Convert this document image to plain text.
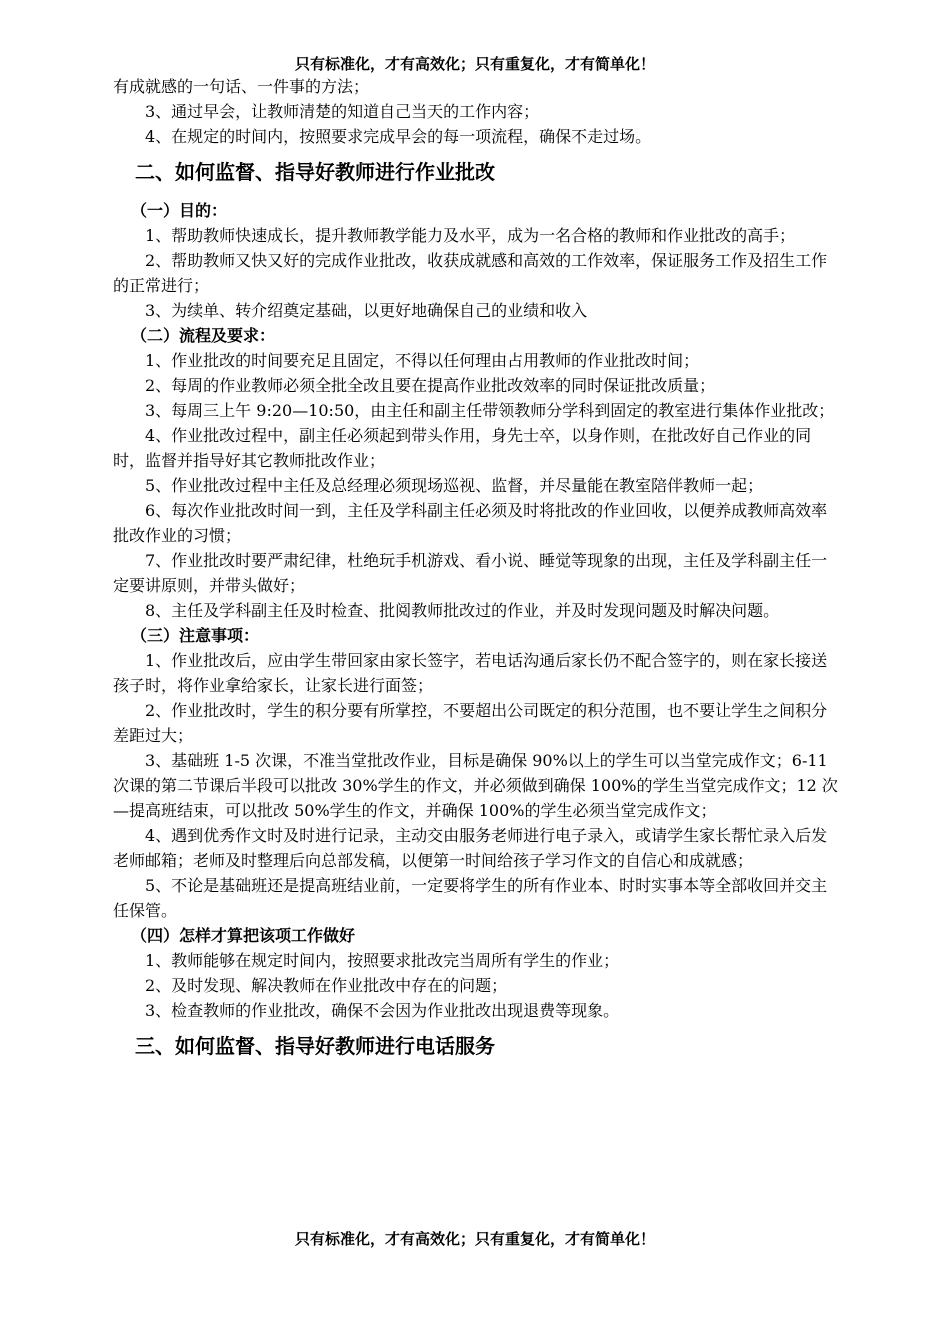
只有标准化，才有高效化；只有重复化，才有简单化！

有成就感的一句话、一件事的方法；

3、通过早会，让教师清楚的知道自己当天的工作内容；

4、在规定的时间内，按照要求完成早会的每一项流程，确保不走过场。

二、如何监督、指导好教师进行作业批改
（一）目的：

1、帮助教师快速成长，提升教师教学能力及水平，成为一名合格的教师和作业批改的高手；

2、帮助教师又快又好的完成作业批改，收获成就感和高效的工作效率，保证服务工作及招生工作的正常进行；

3、为续单、转介绍奠定基础，以更好地确保自己的业绩和收入

（二）流程及要求：

1、作业批改的时间要充足且固定，不得以任何理由占用教师的作业批改时间；

2、每周的作业教师必须全批全改且要在提高作业批改效率的同时保证批改质量；

3、每周三上午 9:20—10:50，由主任和副主任带领教师分学科到固定的教室进行集体作业批改；

4、作业批改过程中，副主任必须起到带头作用，身先士卒，以身作则，在批改好自己作业的同时，监督并指导好其它教师批改作业；

5、作业批改过程中主任及总经理必须现场巡视、监督，并尽量能在教室陪伴教师一起；

6、每次作业批改时间一到，主任及学科副主任必须及时将批改的作业回收，以便养成教师高效率批改作业的习惯；

7、作业批改时要严肃纪律，杜绝玩手机游戏、看小说、睡觉等现象的出现，主任及学科副主任一定要讲原则，并带头做好；

8、主任及学科副主任及时检查、批阅教师批改过的作业，并及时发现问题及时解决问题。

（三）注意事项：

1、作业批改后，应由学生带回家由家长签字，若电话沟通后家长仍不配合签字的，则在家长接送孩子时，将作业拿给家长，让家长进行面签；

2、作业批改时，学生的积分要有所掌控，不要超出公司既定的积分范围，也不要让学生之间积分差距过大；

3、基础班 1-5 次课，不准当堂批改作业，目标是确保 90%以上的学生可以当堂完成作文；6-11 次课的第二节课后半段可以批改 30%学生的作文，并必须做到确保 100%的学生当堂完成作文；12 次—提高班结束，可以批改 50%学生的作文，并确保 100%的学生必须当堂完成作文；

4、遇到优秀作文时及时进行记录，主动交由服务老师进行电子录入，或请学生家长帮忙录入后发老师邮箱；老师及时整理后向总部发稿，以便第一时间给孩子学习作文的自信心和成就感；

5、不论是基础班还是提高班结业前，一定要将学生的所有作业本、时时实事本等全部收回并交主任保管。

（四）怎样才算把该项工作做好

1、教师能够在规定时间内，按照要求批改完当周所有学生的作业；

2、及时发现、解决教师在作业批改中存在的问题；

3、检查教师的作业批改，确保不会因为作业批改出现退费等现象。

三、如何监督、指导好教师进行电话服务
只有标准化，才有高效化；只有重复化，才有简单化！
